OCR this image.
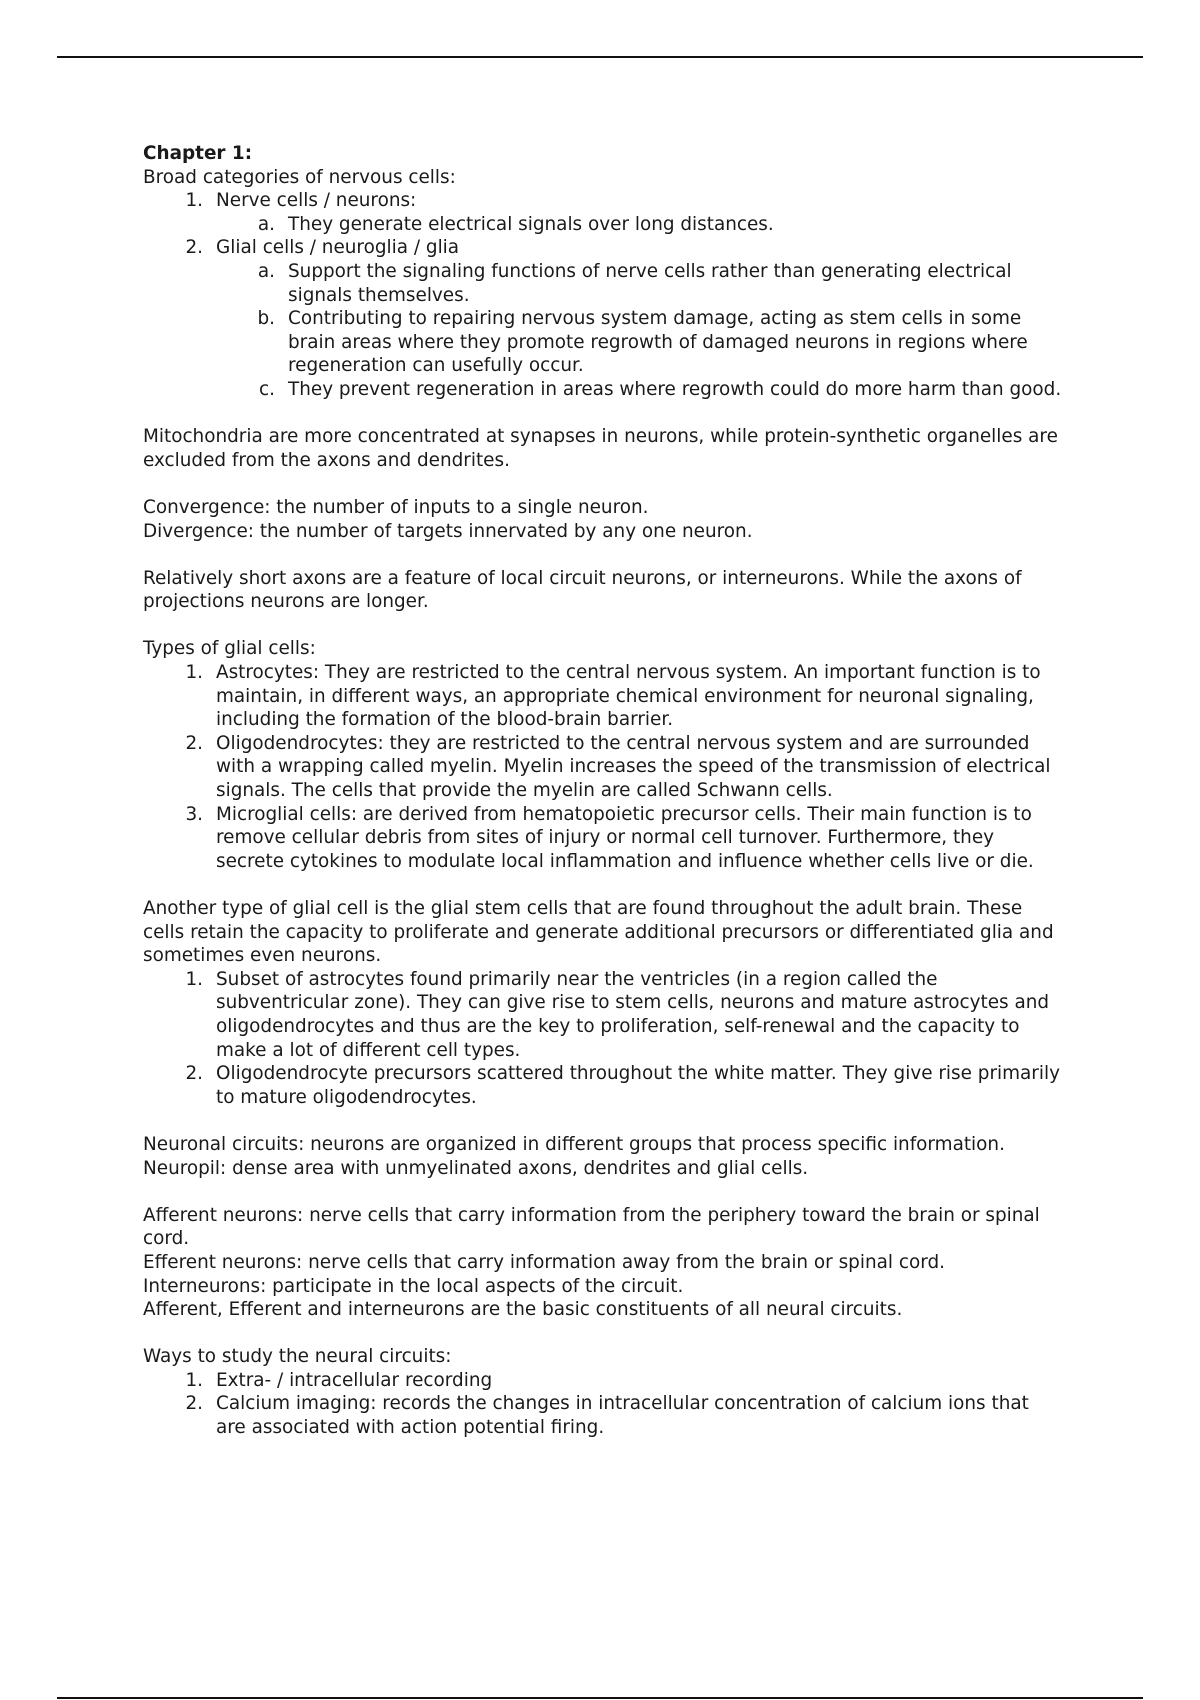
Chapter 1:

Broad categories of nervous cells:

1. Nerve cells / neurons:
a. They generate electrical signals over long distances.
2. Glial cells / neuroglia / glia
a. Support the signaling functions of nerve cells rather than generating electrical signals themselves.
b. Contributing to repairing nervous system damage, acting as stem cells in some brain areas where they promote regrowth of damaged neurons in regions where regeneration can usefully occur.
c. They prevent regeneration in areas where regrowth could do more harm than good.

Mitochondria are more concentrated at synapses in neurons, while protein-synthetic organelles are excluded from the axons and dendrites.

Convergence: the number of inputs to a single neuron.

Divergence: the number of targets innervated by any one neuron.

Relatively short axons are a feature of local circuit neurons, or interneurons. While the axons of projections neurons are longer.

Types of glial cells:

1. Astrocytes: They are restricted to the central nervous system. An important function is to maintain, in different ways, an appropriate chemical environment for neuronal signaling, including the formation of the blood-brain barrier.
2. Oligodendrocytes: they are restricted to the central nervous system and are surrounded with a wrapping called myelin. Myelin increases the speed of the transmission of electrical signals. The cells that provide the myelin are called Schwann cells.
3. Microglial cells: are derived from hematopoietic precursor cells. Their main function is to remove cellular debris from sites of injury or normal cell turnover. Furthermore, they secrete cytokines to modulate local inflammation and influence whether cells live or die.

Another type of glial cell is the glial stem cells that are found throughout the adult brain. These cells retain the capacity to proliferate and generate additional precursors or differentiated glia and sometimes even neurons.

1. Subset of astrocytes found primarily near the ventricles (in a region called the subventricular zone). They can give rise to stem cells, neurons and mature astrocytes and oligodendrocytes and thus are the key to proliferation, self-renewal and the capacity to make a lot of different cell types.
2. Oligodendrocyte precursors scattered throughout the white matter. They give rise primarily to mature oligodendrocytes.

Neuronal circuits: neurons are organized in different groups that process specific information.

Neuropil: dense area with unmyelinated axons, dendrites and glial cells.

Afferent neurons: nerve cells that carry information from the periphery toward the brain or spinal cord.

Efferent neurons: nerve cells that carry information away from the brain or spinal cord.

Interneurons: participate in the local aspects of the circuit.

Afferent, Efferent and interneurons are the basic constituents of all neural circuits.

Ways to study the neural circuits:

1. Extra- / intracellular recording
2. Calcium imaging: records the changes in intracellular concentration of calcium ions that are associated with action potential firing.
